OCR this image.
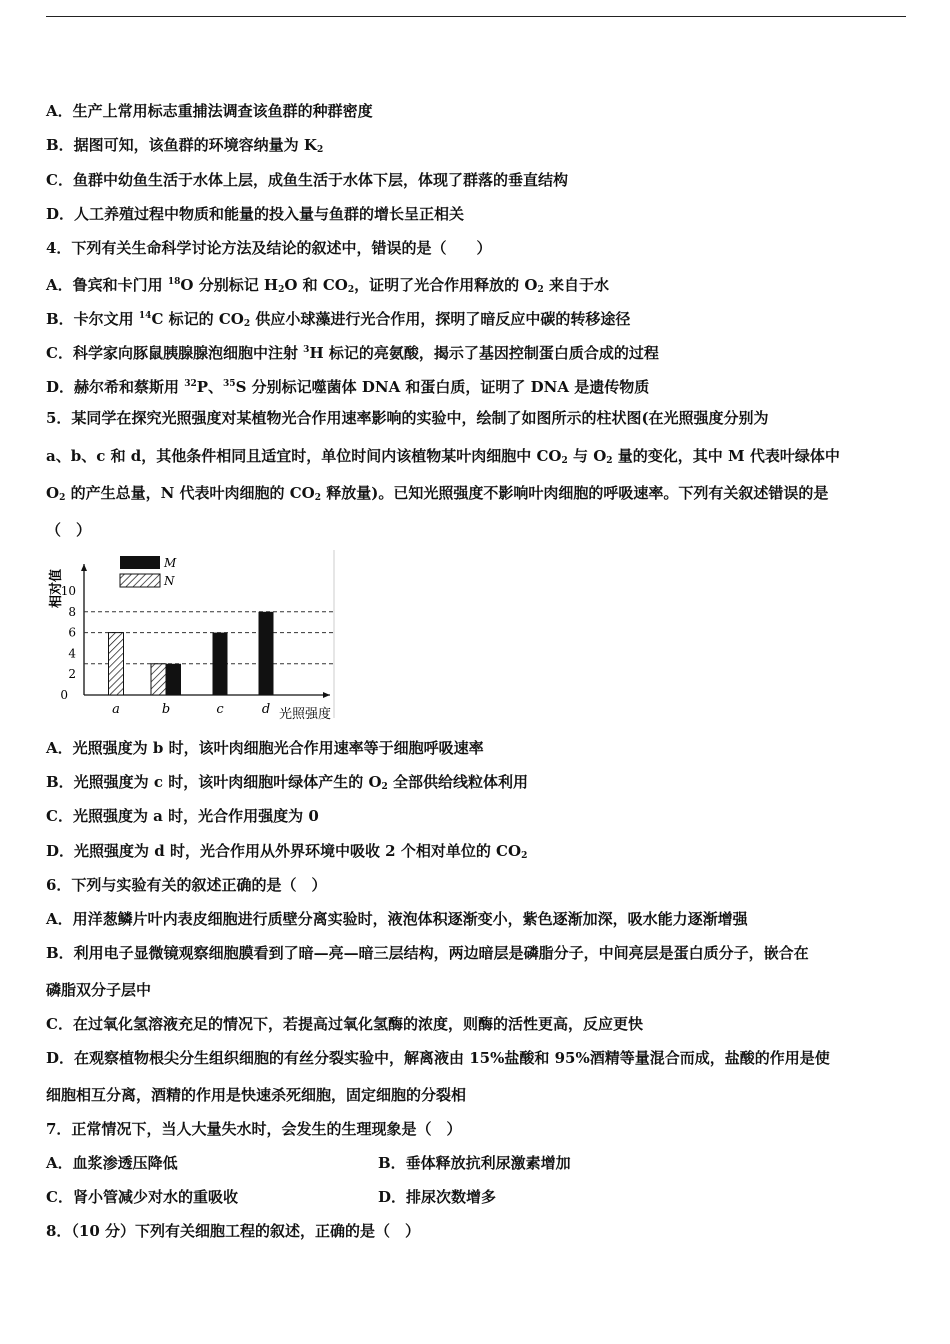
A．生产上常用标志重捕法调查该鱼群的种群密度
B．据图可知，该鱼群的环境容纳量为 $K_2$
C．鱼群中幼鱼生活于水体上层，成鱼生活于水体下层，体现了群落的垂直结构
D．人工养殖过程中物质和能量的投入量与鱼群的增长呈正相关
4．下列有关生命科学讨论方法及结论的叙述中，错误的是（　　）
A．鲁宾和卡门用 $^{18}$O 分别标记 $H_2O$ 和 $CO_2$，证明了光合作用释放的 $O_2$ 来自于水
B．卡尔文用 $^{14}$C 标记的 $CO_2$ 供应小球藻进行光合作用，探明了暗反应中碳的转移途径
C．科学家向豚鼠胰腺腺泡细胞中注射 $^3$H 标记的亮氨酸，揭示了基因控制蛋白质合成的过程
D．赫尔希和蔡斯用 $^{32}$P、$^{35}$S 分别标记噬菌体 DNA 和蛋白质，证明了 DNA 是遗传物质
5．某同学在探究光照强度对某植物光合作用速率影响的实验中，绘制了如图所示的柱状图(在光照强度分别为
a、b、c 和 d，其他条件相同且适宜时，单位时间内该植物某叶肉细胞中 $CO_2$ 与 $O_2$ 量的变化，其中 M 代表叶绿体中
$O_2$ 的产生总量，N 代表叶肉细胞的 $CO_2$ 释放量)。已知光照强度不影响叶肉细胞的呼吸速率。下列有关叙述错误的是
（　）
M
N
相对值
光照强度
0
2
4
6
8
10
a	b	c	d
A．光照强度为 b 时，该叶肉细胞光合作用速率等于细胞呼吸速率
B．光照强度为 c 时，该叶肉细胞叶绿体产生的 $O_2$ 全部供给线粒体利用
C．光照强度为 a 时，光合作用强度为 0
D．光照强度为 d 时，光合作用从外界环境中吸收 2 个相对单位的 $CO_2$
6．下列与实验有关的叙述正确的是（　）
A．用洋葱鳞片叶内表皮细胞进行质壁分离实验时，液泡体积逐渐变小，紫色逐渐加深，吸水能力逐渐增强
B．利用电子显微镜观察细胞膜看到了暗—亮—暗三层结构，两边暗层是磷脂分子，中间亮层是蛋白质分子，嵌合在
磷脂双分子层中
C．在过氧化氢溶液充足的情况下，若提高过氧化氢酶的浓度，则酶的活性更高，反应更快
D．在观察植物根尖分生组织细胞的有丝分裂实验中，解离液由 15%盐酸和 95%酒精等量混合而成，盐酸的作用是使
细胞相互分离，酒精的作用是快速杀死细胞，固定细胞的分裂相
7．正常情况下，当人大量失水时，会发生的生理现象是（　）
A．血浆渗透压降低	B．垂体释放抗利尿激素增加
C．肾小管减少对水的重吸收	D．排尿次数增多
8．（10 分）下列有关细胞工程的叙述，正确的是（　）
